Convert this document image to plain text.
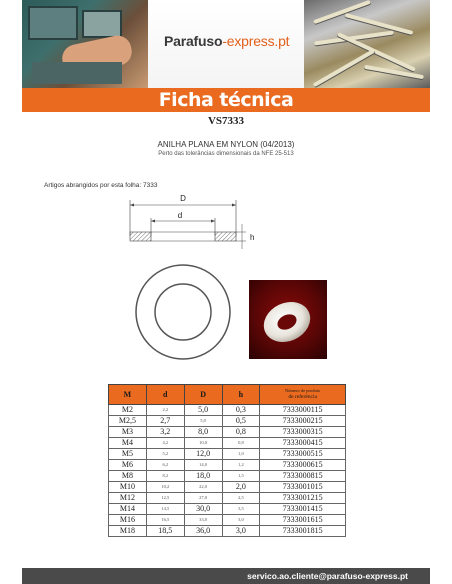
Parafuso-express.pt
Ficha técnica
VS7333
ANILHA PLANA EM NYLON (04/2013)
Perto das tolerâncias dimensionais da NFE 25-513
Artigos abrangidos por esta folha: 7333
D
d
h
M	d	D	h	Número de produto
de referência

M2	2,2	5,0	0,3	7333000115
M2,5	2,7	5,0	0,5	7333000215
M3	3,2	8,0	0,8	7333000315
M4	4,2	10,0	0,8	7333000415
M5	5,2	12,0	1,0	7333000515
M6	6,2	14,0	1,2	7333000615
M8	8,2	18,0	1,5	7333000815
M10	10,2	22,0	2,0	7333001015
M12	12,5	27,0	2,5	7333001215
M14	14,5	30,0	3,5	7333001415
M16	16,5	33,0	3,0	7333001615
M18	18,5	36,0	3,0	7333001815
servico.ao.cliente@parafuso-express.pt
